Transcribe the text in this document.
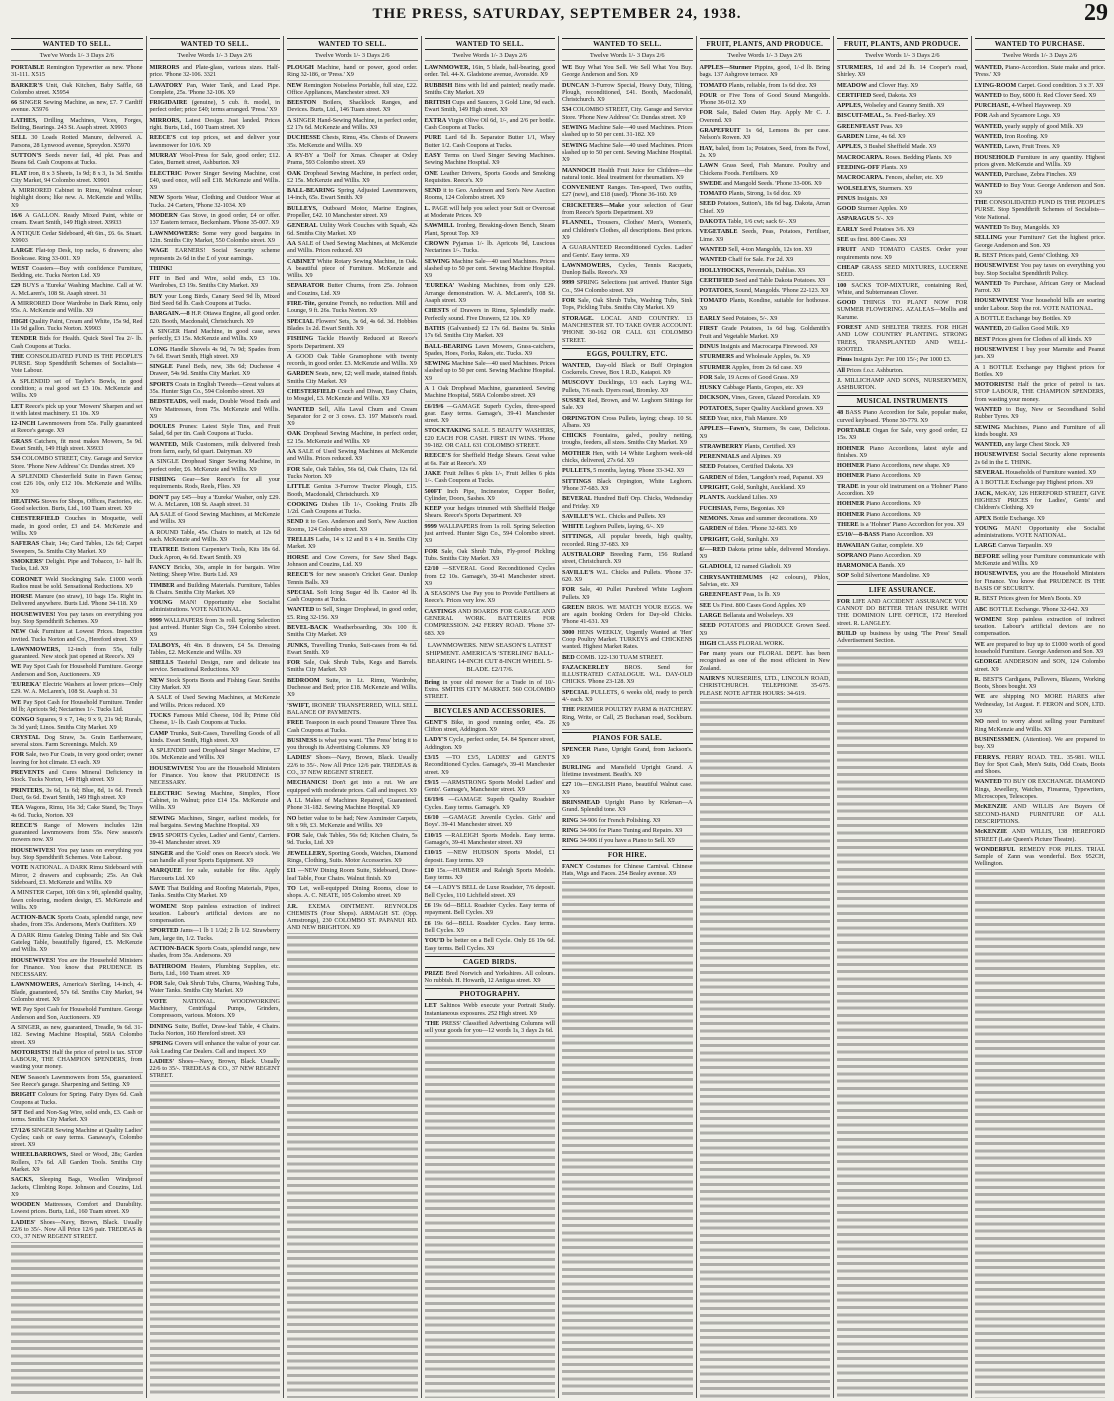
THE PRESS, SATURDAY, SEPTEMBER 24, 1938.	29
WANTED TO SELL.
Twe've Words 1/- 3 Days 2/6
PORTABLE Remington Typewriter as new. 'Phone 31-111. X515
BARKER'S Unit, Oak Kitchen, Baby Saffle, 68 Colombo street. X5954
66 SINGER Sewing Machine, as new, £7. 7 Cardiff avenue. X5976
LATHES, Drilling Machines, Vices, Forges, Belting, Bearings. 243 St. Asaph street. X9903
SELL 30 Loads Rotted Manure, delivered. A. Parsons, 28 Lynwood avenue, Spreydon. X5970
SUTTON'S Seeds never fail, 4d pkt. Peas and Beans 6d. Cash Coupons at Tucks.
FLAT iron, 8 x 3 Sheets, 1s 9d; 8 x 3, 1s 3d. Smiths City Market, 94 Colombo street. X9901
A MIRRORED Cabinet in Rimu, Walnut colour; highlight doors; like new. A. McKenzie and Willis. X9
16/6 A GALLON. Ready Mixed Paint, white or cream. Ewart Smith, 149 High street. X9933
A NTIQUE Cedar Sideboard, 4ft 6in., £6. 6s. Stuart. X9903
LARGE Flat-top Desk, top racks, 6 drawers; also Bookcase. Ring 33-001. X9
WEST Coasters—Buy with confidence Furniture, Bedding, etc. Tucks Norton Ltd. X9
£29 BUYS a 'Eureka' Washing Machine. Call at W. A. McLaren's, 108 St. Asaph street. 31
A MIRRORED Door Wardrobe in Dark Rimu, only 95s. A. McKenzie and Willis. X9
HIGH Quality Paint, Cream and White, 15s 9d, Red 11s 9d gallon. Tucks Norton. X9903
TENDER Bids for Health. Quick Steel Tea 2/- lb. Cash Coupons at Tucks.
THE CONSOLIDATED FUND IS THE PEOPLE'S PURSE. Stop Spendthrift Schemes of Socialists—Vote Labour.
A SPLENDID set of Taylor's Bowls, in good condition; a real good set £3 10s. McKenzie and Willis. X9
LET Reece's pick up your 'Mowers' Sharpen and set it with latest machinery. £1 10s. X9
12-INCH Lawnmowers from 55s. Fully guaranteed at Reece's garage. X9
GRASS Catchers, fit most makes Mowers, 5s 9d. Ewart Smith, 149 High street. X9933
534 COLOMBO STREET, City. Garage and Service Store. 'Phone New Address' Cr. Dundas street. X9
A SPLENDID Chesterfield Suite in Fawn Genoa; cost £26 10s, only £12 10s. McKenzie and Willis. X9
HEATING Stoves for Shops, Offices, Factories, etc. Good selection. Burts, Ltd., 160 Tuam street. X9
CHESTERFIELD Couches in Moquette, well made, in good order, £3 and £4. McKenzie and Willis. X9
SAFERAS Chair, 14s; Card Tables, 12s 6d; Carpet Sweepers, 5s. Smiths City Market. X9
SMOKERS' Delight. Pipe and Tobacco, 1/- half lb. Tucks, Ltd. X9
CORONET Weld Stockinging Sale. £1000 worth Radios must be sold. Sensational Reductions. X9
HORSE Manure (no straw), 10 bags 15s. Right in. Delivered anywhere. Burts Ltd. 'Phone 34-118. X9
HOUSEWIVES! You pay taxes on everything you buy. Stop Spendthrift Schemes. X9
NEW Oak Furniture at Lowest Prices. Inspection invited. Tucks Norton and Co., Hereford street. X9
LAWNMOWERS, 12-inch from 55s, fully guaranteed. New stock just opened at Reece's. X9
WE Pay Spot Cash for Household Furniture. George Anderson and Son, Auctioneers. X9
'EUREKA' Electric Washers at lower prices—Only £29. W. A. McLaren's, 108 St. Asaph st. 31
WE Pay Spot Cash for Household Furniture. Tender 8d lb; Apricots 9d; Nectarines 1/-. Tucks Ltd.
CONGO Squares, 9 x 7, 14s; 9 x 9, 21s 9d; Rurals, 3s 3d yard; Linos. Smiths City Market. X9
CRYSTAL Dog Straw, 3s. Grain Earthenware, several sizes. Farm Screenings. Mulch. X9
FOR Sale, two Fur Coats, in very good order; owner leaving for hot climate. £3 each. X9
PREVENTS and Cures Mineral Deficiency in Stock. Tucks Norton, 149 High street. X9
PRINTERS, 3s 6d, 1s 6d; Blue, 8d, 1s 6d. French Duct, 6s 6d. Ewart Smith, 149 High street. X9
TEA Wagons, Rimu, 16s 3d; Cake Stand, 9s; Trays 4s 6d. Tucks, Norton. X9
REECE'S Range of Mowers includes 12in guaranteed lawnmowers from 55s. New season's mowers now. X9
HOUSEWIVES! You pay taxes on everything you buy. Stop Spendthrift Schemes. Vote Labour.
VOTE NATIONAL. A DARK Rimu Sideboard with Mirror, 2 drawers and cupboards; 25s. An Oak Sideboard, £3. McKenzie and Willis. X9
A MINSTER Carpet, 10ft 6in x 9ft, splendid quality, fawn colouring, modern design, £5. McKenzie and Willis. X9
ACTION-BACK Sports Coats, splendid range, new shades, from 35s. Andersons, Men's Outfitters. X9
A DARK Rimu Gateleg Dining Table and Six Oak Gateleg Table, beautifully figured, £5. McKenzie and Willis. X9
HOUSEWIVES! You are the Household Ministers for Finance. You know that PRUDENCE IS NECESSARY.
LAWNMOWERS, America's Sterling, 14-inch, 4-Blade, guaranteed, 57s 6d. Smiths City Market, 94 Colombo street. X9
WE Pay Spot Cash for Household Furniture. George Anderson and Son, Auctioneers. X9
A SINGER, as new, guaranteed, Treadle, 9s 6d. 31-182. Sewing Machine Hospital, 568A Colombo street. X9
MOTORISTS! Half the price of petrol is tax. STOP LABOUR, THE CHAMPION SPENDERS, from wasting your money.
NEW Season's Lawnmowers from 55s, guaranteed. See Reece's garage. Sharpening and Setting. X9
BRIGHT Colours for Spring. Fairy Dyes 6d. Cash Coupons at Tucks.
5FT Bed and Non-Sag Wire, solid ends, £3. Cash or terms. Smiths City Market. X9
£7/12/6 SINGER Sewing Machine at Quality Ladies' Cycles; cash or easy terms. Ganaway's, Colombo street. X9
WHEELBARROWS, Steel or Wood, 28s; Garden Rollers, 17s 6d. All Garden Tools. Smiths City Market. X9
SACKS, Sleeping Bags, Woollen Windproof Jackets, Climbing Rope. Johnson and Couzins, Ltd. X9
WOODEN Mattresses, Comfort and Durability. Lowest prices. Burts, Ltd., 160 Tuam street. X9
LADIES' Shoes—Navy, Brown, Black. Usually 22/6 to 35/-. Now All Price 12/6 pair. TREDEAS & CO., 37 NEW REGENT STREET.
WANTED TO SELL.
Twelve Words 1/- 3 Days 2/6
MIRRORS and Plate-glass, various sizes. Half-price. 'Phone 32-106. 3321
LAVATORY Pan, Water Tank, and Lead Pipe. Complete, 25s. 'Phone 32-106. X9
FRIGIDAIRE (genuine), 5 cub. ft. model, in perfect order; price £40; terms arranged. 'Press.' X9
MIRRORS, Latest Design. Just landed. Prices right. Burts, Ltd., 160 Tuam street. X9
REECE'S cut top prices, set and deliver your lawnmower for 10/6. X9
MURRAY Wool-Press for Sale, good order; £12. Cates, Burnett street, Ashburton. X9
ELECTRIC Power Singer Sewing Machine, cost £40, used once, will sell £18. McKenzie and Willis. X9
NEW Sports Wear, Clothing and Outdoor Wear at Tucks. 24 Carters, 'Phone 32-1034. X9
MODERN Gas Stove, in good order, £4 or offer. 137 Eastern terrace, Beckenham. 'Phone 35-007. X9
LAWNMOWERS: Some very good bargains in 12in. Smiths City Market, 550 Colombo street. X9
WAGE EARNERS! Social Security scheme represents 2s 6d in the £ of your earnings.
THINK!
FIT in Bed and Wire, solid ends, £3 10s. Wardrobes, £3 19s. Smiths City Market. X9
BUY your Long Birds, Canary Seed 9d lb, Mixed Bird Seed 6d lb. Cash Coupons at Tucks.
BARGAIN.—8 H.P. Ottawa Engine, all good order. £20. Booth, Macdonald, Christchurch. X9
A SINGER Hand Machine, in good case, sews perfectly, £3 15s. McKenzie and Willis. X9
LONG Handle Shovels 4s 9d, 7s 9d; Spades from 7s 6d. Ewart Smith, High street. X9
SINGLE Panel Beds, new, 38s 6d; Duchesse 4 Drawer, 54s 9d. Smiths City Market. X9
SPORTS Coats in English Tweeds—Great values at 35s. Hunter Sign Co., 594 Colombo street. X9
BEDSTEADS, well made, Double Wood Ends and Wire Mattresses, from 75s. McKenzie and Willis. X9
DOULES Prunes: Latest Style Tins, and Fruit Salad, 6d per tin. Cash Coupons at Tucks.
WANTED, Milk Customers, milk delivered fresh from farm, early, 6d quart. Dairyman. X9
A SINGLE Drophead Singer Sewing Machine, in perfect order, £6. McKenzie and Willis. X9
FISHING Gear—See Reece's for all your requirements. Rods, Reels, Flies. X9
DON'T pay £45—buy a 'Eureka' Washer, only £29. W. A. McLaren, 108 St. Asaph street. 31
AA SALE of Good Sewing Machines, at McKenzie and Willis. X9
A ROUND Table, 45s. Chairs to match, at 12s 6d each. McKenzie and Willis. X9
TEATREE Bottom Carpenter's Tools, Kits 18s 6d. Duck Apron, 4s 6d. Ewart Smith. X9
FANCY Bricks, 30s, ample in for bargain. Wire Netting; Sheep Wire. Burts Ltd. X9
TIMBER and Building Materials. Furniture, Tables & Chairs. Smiths City Market. X9
YOUNG MAN! Opportunity else Socialist administrations. VOTE NATIONAL.
9999 WALLPAPERS from 3s roll. Spring Selection just arrived. Hunter Sign Co., 594 Colombo street. X9
TALBOYS, 4ft 4in. 8 drawers, £4 5s. Dressing Tables, £2. McKenzie and Willis. X9
SHELLS Tasteful Design, rare and delicate tea service. Sensational Reductions. X9
NEW Stock Sports Boots and Fishing Gear. Smiths City Market. X9
A SALE of Used Sewing Machines, at McKenzie and Willis. Prices reduced. X9
TUCKS Famous Mild Cheese, 10d lb; Prime Old Cheese, 1/- lb. Cash Coupons at Tucks.
CAMP Trunks, Suit-Cases, Travelling Goods of all kinds. Ewart Smith, High street. X9
A SPLENDID used Drophead Singer Machine, £7 10s. McKenzie and Willis. X9
HOUSEWIVES! You are the Household Ministers for Finance. You know that PRUDENCE IS NECESSARY.
ELECTRIC Sewing Machine, Simplex, Floor Cabinet, in Walnut; price £14 15s. McKenzie and Willis. X9
SEWING Machines, Singer, earliest models, for real bargains. Sewing Machine Hospital. X9
£9/15 SPORTS Cycles, Ladies' and Gents', Carriers. 39-41 Manchester street. X9
SINGER and the 'Gold' ones on Reece's stock. We can handle all your Sports Equipment. X9
MARQUEE for sale, suitable for fête. Apply Harcourts Ltd. X9
SAVE That Building and Roofing Materials, Pipes, Tanks. Smiths City Market. X9
WOMEN! Stop painless extraction of indirect taxation. Labour's artificial devices are no compensation.
SPORTED Jams—1 lb 1 1/2d; 2 lb 1/2. Strawberry Jam, large tin, 1/2. Tucks.
ACTION-BACK Sports Coats, splendid range, new shades, from 35s. Andersons. X9
BATHROOM Heaters, Plumbing Supplies, etc. Burts, Ltd., 160 Tuam street. X9
FOR Sale, Oak Shrub Tubs, Churns, Washing Tubs, Water Tanks. Smiths City Market. X9
VOTE NATIONAL. WOODWORKING Machinery, Centrifugal Pumps, Grinders, Compressors, various. Motors. X9
DINING Suite, Buffet, Draw-leaf Table, 4 Chairs. Tucks Norton, 160 Hereford street. X9
SPRING Covers will enhance the value of your car. Ask Leading Car Dealers. Call and inspect. X9
LADIES' Shoes—Navy, Brown, Black. Usually 22/6 to 35/-. TREDEAS & CO., 37 NEW REGENT STREET.
WANTED TO SELL.
Twelve Words 1/- 3 Days 2/6
PLOUGH Machine, hand or power, good order. Ring 32-186, or 'Press.' X9
NEW Remington Noiseless Portable, full size, £22. Office Appliances, Manchester street. X9
BEESTON Boilers, Shacklock Ranges, and Devices. Burts, Ltd., 146 Tuam street. X9
A SINGER Hand-Sewing Machine, in perfect order, £2 17s 6d. McKenzie and Willis. X9
DUCHESSE Chests, Rimu, 45s. Chests of Drawers 35s. McKenzie and Willis. X9
A RY-BY a 'Doll' for Xmas. Cheaper at Oxley Prams, 593 Colombo street. X9
OAK Drophead Sewing Machine, in perfect order, £2 15s. McKenzie and Willis. X9
BALL-BEARING Spring Adjusted Lawnmowers, 14-inch, 65s. Ewart Smith. X9
BULLEYS, Outboard Motor, Marine Engines, Propeller, £42. 10 Manchester street. X9
GENERAL Utility Work Couches with Squab, 42s 6d. Smiths City Market. X9
AA SALE of Used Sewing Machines, at McKenzie and Willis. Prices reduced. X9
CABINET White Rotary Sewing Machine, in Oak. A beautiful piece of Furniture. McKenzie and Willis. X9
SEPARATOR Butter Churns, from 25s. Johnson and Couzins, Ltd. X9
FIRE-Tite, genuine French, no reduction. Mill and Lounge, 9 ft. 26s. Tucks Norton. X9
SPECIAL Flowers' Sets, 3s 6d, 4s 6d. 3d. Hobbies Blades 1s 2d. Ewart Smith. X9
FISHING Tackle Heavily Reduced at Reece's Sports Department. X9
A GOOD Oak Table Gramophone with twenty records, in good order. £3. McKenzie and Willis. X9
GARDEN Seats, new, £2; well made, stained finish. Smiths City Market. X9
CHESTERFIELD Couch and Divan, Easy Chairs, to Mosgiel, £3. McKenzie and Willis. X9
WANTED Sell, Alfa Laval Churn and Cream Separator for 2 or 3 cows. £3. 197 Matson's road. X9
OAK Drophead Sewing Machine, in perfect order, £2 15s. McKenzie and Willis. X9
AA SALE of Used Sewing Machines at McKenzie and Willis. Prices reduced. X9
FOR Sale, Oak Tables, 56s 6d, Oak Chairs, 12s 6d. Tucks Norton. X9
LITTLE Genius 3-Furrow Tractor Plough, £15. Booth, Macdonald, Christchurch. X9
COOKING Dishes 1lb 1/-, Cooking Fruits 2lb 1/2d. Cash Coupons at Tucks.
SEND it to Geo. Anderson and Son's, New Auction Rooms, 124 Colombo street. X9
TRELLIS Laths, 14 x 12 and 8 x 4 in. Smiths City Market. X9
HORSE and Cow Covers, for Saw Shed Bags. Johnson and Couzins, Ltd. X9
REECE'S for new season's Cricket Gear. Dunlop Tennis Balls. X9
SPECIAL Soft Icing Sugar 4d lb. Castor 4d lb. Cash Coupons at Tucks.
WANTED to Sell, Singer Drophead, in good order, £5. Ring 32-156. X9
BEVEL-BACK Weatherboarding, 30s 100 ft. Smiths City Market. X9
JUNKS, Travelling Trunks, Suit-cases from 4s 6d. Ewart Smith. X9
FOR Sale, Oak Shrub Tubs, Kegs and Barrels. Smiths City Market. X9
BEDROOM Suite, in Lt. Rimu, Wardrobe, Duchesse and Bed; price £18. McKenzie and Willis. X9
'SWIFT, IRONER' TRANSFERRED, WILL SELL BALANCE OF PAYMENTS.
FREE Teaspoon in each pound Treasure Three Tea. Cash Coupons at Tucks.
BUSINESS is what you want. 'The Press' bring it to you through its Advertising Columns. X9
LADIES' Shoes—Navy, Brown, Black. Usually 22/6 to 35/-. Now All Price 12/6 pair. TREDEAS & CO., 37 NEW REGENT STREET.
MECHANICS! Don't get into a rut. We are equipped with moderate prices. Call and inspect. X9
A LL Makes of Machines Repaired, Guaranteed. Phone 31-182. Sewing Machine Hospital. X9
NO better value to be had; New Axminster Carpets, 9ft x 9ft, £3. McKenzie and Willis. X9
FOR Sale, Oak Tables, 56s 6d; Kitchen Chairs, 5s 9d. Tucks, Ltd. X9
JEWELLERY, Sporting Goods, Watches, Diamond Rings, Clothing, Suits. Motor Accessories. X9
£11 —NEW Dining Room Suite, Sideboard, Draw-leaf Table, Four Chairs. Walnut finish. X9
TO Let, well-equipped Dining Rooms, close to shops. A. C. NEATE, 105 Colombo street. X9
J.R. EXEMA OINTMENT. REYNOLDS CHEMISTS (Four Shops). ARMAGH ST. (Opp. Armstrongs), 230 COLOMBO ST. PAPANUI RD. AND NEW BRIGHTON. X9
WANTED TO SELL.
Twelve Words 1/- 3 Days 2/6
LAWNMOWER, 16in, 5 blade, ball-bearing, good order. Tel. 44-X. Gladstone avenue, Avonside. X9
RUBBISH Bins with lid and painted; neatly made. Smiths City Market. X9
BRITISH Cups and Saucers, 3 Gold Line, 9d each. Ewart Smith, 149 High street. X9
EXTRA Virgin Olive Oil 6d, 1/-, and 2/6 per bottle. Cash Coupons at Tucks.
PURE Lard 6d lb. Separator Butter 1/1, Whey Butter 1/2. Cash Coupons at Tucks.
EASY Terms on Used Singer Sewing Machines. Sewing Machine Hospital. X9
ONE Leather Drivers, Sports Goods and Smoking Requisites. Reece's. X9
SEND it to Geo. Anderson and Son's New Auction Rooms, 124 Colombo street. X9
L. PAGE will help you select your Suit or Overcoat at Moderate Prices. X9
SAWMILL Ironbrg, Breaking-down Bench, Steam Plant, Sprout Top. X9
CROWN Pyjamas 1/- lb. Apricots 9d, Luscious Nectarines 1/-. Tucks.
SEWING Machine Sale—40 used Machines. Prices slashed up to 50 per cent. Sewing Machine Hospital. X9
'EUREKA' Washing Machines, from only £29. Arrange demonstration. W. A. McLaren's, 108 St. Asaph street. X9
CHESTS of Drawers in Rimu, Splendidly made. Perfectly sound. Five Drawers, £2 10s. X9
BATHS (Galvanised) £2 17s 6d. Basins 9s. Sinks 17s 6d. Smiths City Market. X9
BALL-BEARING Lawn Mowers, Grass-catchers, Spades, Hoes, Forks, Rakes, etc. Tucks. X9
SEWING Machine Sale—40 used Machines. Prices slashed up to 50 per cent. Sewing Machine Hospital. X9
A 1 Oak Drophead Machine, guaranteed. Sewing Machine Hospital, 568A Colombo street. X9
£6/19/6 —GAMAGE Superb Cycles, three-speed gear. Easy terms. Gamage's, 39-41 Manchester street. X9
STOCKTAKING SALE. 5 BEAUTY WASHERS, £20 EACH FOR CASH. FIRST IN WINS. 'Phone 39-182. OR CALL 631 COLOMBO STREET.
REECE'S for Sheffield Hedge Shears. Great value at 6s. Fair at Reece's. X9
JAKE Fruit Jellies 6 pkts 1/-, Fruit Jellies 6 pkts 1/-. Cash Coupons at Tucks.
500FT Inch Pipe, Incinerator, Copper Boiler, Cylinder, Doors, Sashes. X9
KEEP your hedges trimmed with Sheffield Hedge Shears. Reece's Sports Department. X9
9999 WALLPAPERS from 1s roll. Spring Selection just arrived. Hunter Sign Co., 594 Colombo street. X9
FOR Sale, Oak Shrub Tubs, Fly-proof Pickling Tubs. Smiths City Market. X9
£2/10 —SEVERAL Good Reconditioned Cycles from £2 10s. Gamage's, 39-41 Manchester street. X9
A SEASON'S Use Pay you to Provide Fertilisers at Reece's. Prices very low. X9
CASTINGS AND BOARDS FOR GARAGE AND GENERAL WORK. BATTERIES FOR COMPRESSION. 242 FERRY ROAD. 'Phone 37-683. X9
LAWNMOWERS. NEW SEASON'S LATEST SHIPMENT. AMERICA'S 'STERLING' BALL-BEARING 14-INCH CUT 8-INCH WHEEL 5-BLADE. £2/17/6.
Bring in your old mower for a Trade in of 10/- Extra. SMITHS CITY MARKET. 560 COLOMBO STREET.
BICYCLES AND ACCESSORIES.
GENT'S Bike, in good running order, 45s. 26 Clifton street, Addington. X9
LADY'S Cycle, perfect order, £4. 84 Spencer street, Addington. X9
£3/15 —TO £3/5, LADIES' and GENT'S Reconditioned Cycles. Gamage's, 39-41 Manchester street. X9
£9/15 —ARMSTRONG Sports Model Ladies' and Gents'. Gamage's, Manchester street. X9
£6/19/6 —GAMAGE Superb Quality Roadster Cycles. Easy terms. Gamage's. X9
£6/10 —GAMAGE Juvenile Cycles. Girls' and Boys'. 39-41 Manchester street. X9
£10/15 —RALEIGH Sports Models. Easy terms. Gamage's, 39-41 Manchester street. X9
£10/15 —NEW HUDSON Sports Model, £1 deposit. Easy terms. X9
£10 15s.—HUMBER and Raleigh Sports Models. Easy terms. X9
£4 —LADY'S BELL de Luxe Roadster, 7/6 deposit. Bell Cycles, 110 Lichfield street. X9
£6 19s 6d—BELL Roadster Cycles. Easy terms of repayment. Bell Cycles. X9
£6 19s 6d—BELL Roadster Cycles. Easy terms. Bell Cycles. X9
YOU'D be better on a Bell Cycle. Only £6 19s 6d. Easy terms. Bell Cycles. X9
CAGED BIRDS.
PRIZE Bred Norwich and Yorkshires. All colours. No rubbish. H. Howarth, 12 Antigua street. X9
PHOTOGRAPHY.
LET Saltinos Webb execute your Portrait Study. Instantaneous exposures. 252 High street. X9
'THE PRESS' Classified Advertising Columns will sell your goods for you—12 words 1s, 3 days 2s 6d.
WANTED TO SELL.
Twelve Words 1/- 3 Days 2/6
WE Buy What You Sell. We Sell What You Buy. George Anderson and Son. X9
DUNCAN 3-Furrow Special, Heavy Duty, Tilting, Plough, reconditioned, £41. Booth, Macdonald, Christchurch. X9
534 COLOMBO STREET, City. Garage and Service Store. 'Phone New Address' Cr. Dundas street. X9
SEWING Machine Sale—40 used Machines. Prices slashed up to 50 per cent. 31-182. X9
SEWING Machine Sale—40 used Machines. Prices slashed up to 50 per cent. Sewing Machine Hospital. X9
MANNOCH Health Fruit Juice for Children—the natural tonic. Ideal treatment for rheumatism. X9
CONVENIENT Ranges. Ten-speed, Two outfits, £27 (new), and £18 (used). 'Phone 36-160. X9
CRICKETERS—Make your selection of Gear from Reece's Sports Department. X9
FLANNEL, Trousers, Clothes' Men's, Women's, and Children's Clothes, all descriptions. Best prices. X9
A GUARANTEED Reconditioned Cycles. Ladies' and Gents'. Easy terms. X9
LAWNMOWERS, Cycles, Tennis Racquets, Dunlop Balls. Reece's. X9
9999 SPRING Selections just arrived. Hunter Sign Co., 594 Colombo street. X9
FOR Sale, Oak Shrub Tubs, Washing Tubs, Sink Tops, Pickling Tubs. Smiths City Market. X9
STORAGE. LOCAL AND COUNTRY. 13 MANCHESTER ST. TO TAKE OVER ACCOUNT. 'PHONE 30-162 OR CALL 631 COLOMBO STREET.
EGGS, POULTRY, ETC.
WANTED, Day-old Black or Buff Orpington Cockerels. Crewe, Box 1 R.D., Kaiapoi. X9
MUSCOVY Ducklings, 1/3 each. Laying W.L. Pullets, 7/6 each. Dyers road, Bromley. X9
SUSSEX Red, Brown, and W. Leghorn Sittings for Sale. X9
ORPINGTON Cross Pullets, laying; cheap. 10 St. Albans. X9
CHICKS Fountains, galvd., poultry netting, troughs, feeders, all sizes. Smiths City Market. X9
MOTHER Hen, with 14 White Leghorn week-old chicks, delivered, 27s 6d. X9
PULLETS, 5 months, laying. 'Phone 33-342. X9
SITTINGS Black Orpington, White Leghorn. 'Phone 37-683. X9
BEVERAL Hundred Buff Orp. Chicks, Wednesday and Friday. X9
SAVILLE'S W.L. Chicks and Pullets. X9
WHITE Leghorn Pullets, laying, 6/-. X9
SITTINGS, All popular breeds, high quality, recorded. Ring 37-683. X9
AUSTRALORP Breeding Farm, 156 Rutland street, Christchurch. X9
SAVILLE'S W.L. Chicks and Pullets. 'Phone 37-620. X9
FOR Sale, 40 Pullet Purebred White Leghorn Pullets. X9
GREEN BROS. WE MATCH YOUR EGGS. We are again booking Orders for Day-old Chicks. 'Phone 41-631. X9
3000 HENS WEEKLY, Urgently Wanted at 'Hen' Coop Poultry Market. TURKEYS and CHICKENS wanted. Highest Market Rates.
BED COMB. 122-130 TUAM STREET.
FAZACKERLEY BROS. Send for ILLUSTRATED CATALOGUE. W.L. DAY-OLD CHICKS. 'Phone 23-128. X9
SPECIAL PULLETS, 6 weeks old, ready to perch 4/- each. X9
THE PREMIER POULTRY FARM & HATCHERY. Ring, Write, or Call, 25 Buchanan road, Sockburn. X9
PIANOS FOR SALE.
SPENCER Piano, Upright Grand, from Jackson's. X9
BURLING and Mansfield Upright Grand. A lifetime investment. Beath's. X9
£27 10s—ENGLISH Piano, beautiful Walnut case. X9
BRINSMEAD Upright Piano by Kirkman—A Grand. Splendid tone. X9
RING 34-906 for French Polishing. X9
RING 34-906 for Piano Tuning and Repairs. X9
RING 34-906 if you have a Piano to Sell. X9
FOR HIRE.
FANCY Costumes for Chinese Carnival. Chinese Hats, Wigs and Faces. 254 Bealey avenue. X9
FRUIT, PLANTS, AND PRODUCE.
Twelve Words 1/- 3 Days 2/6
APPLES—Sturmer Pippins, good, 1/-d lb. Bring bags. 137 Ashgrove terrace. X9
TOMATO Plants, reliable, from 1s 6d doz. X9
FOUR or Five Tons of Good Sound Mangolds. 'Phone 36-012. X9
FOR Sale, Baled Oaten Hay. Apply Mr C. J. Overend. X9
GRAPEFRUIT 1s 6d, Lemons 8s per case. Nelson's Rowen. X9
HAY, baled, from 1s; Potatoes, Seed, from 8s Fowl, 2s. X9
LAWN Grass Seed, Fish Manure. Poultry and Chickens Foods. Fertilisers. X9
SWEDE and Mangold Seeds. 'Phone 33-006. X9
TOMATO Plants, Strong, 1s 6d doz. X9
SEED Potatoes, Sutton's, 18s 6d bag. Dakota, Arran Chief. X9
DAKOTA Table, 1/6 cwt; sack 6/-. X9
VEGETABLE Seeds, Peas, Potatoes, Fertiliser, Lime. X9
WANTED Sell, 4-ton Mangolds, 12s ton. X9
WANTED Chaff for Sale. For 2d. X9
HOLLYHOCKS, Perennials, Dahlias. X9
CERTIFIED Seed and Table Dakota Potatoes. X9
POTATOES, Sound, Mangolds. 'Phone 22-123. X9
TOMATO Plants, Kondine, suitable for hothouse. X9
EARLY Seed Potatoes, 5/-. X9
FIRST Grade Potatoes, 1s 6d bag. Goldsmith's Fruit and Vegetable Market. X9
DINUS Insignis and Macrocarpa Firewood. X9
STURMERS and Wholesale Apples, 9s. X9
STURMER Apples, from 2s 6d case. X9
FOR Sale, 19 Acres of Good Grass. X9
HUSKY Cabbage Plants, Gropes, etc. X9
DICKSON, Vines, Green, Glazed Porcelain. X9
POTATOES, Super Quality Auckland grown. X9
SEED Year, nice, Fish Manure. X9
APPLES—Fawn's, Sturmers, 9s case, Delicious. X9
STRAWBERRY Plants, Certified. X9
PERENNIALS and Alpines. X9
SEED Potatoes, Certified Dakota. X9
GARDEN of Eden, 'Langdon's road, Papanui. X9
UPRIGHT, Gold, Sunlight, Auckland. X9
PLANTS. Auckland Lilies. X9
FUCHSIAS, Ferns, Begonias. X9
NEMONS. Xmas and summer decorations. X9
GARDEN of Eden. 'Phone 32-683. X9
UPRIGHT, Gold, Sunlight. X9
6/-—RED Dakota prime table, delivered Mondays. X9
GLADIOLI, 12 named Gladioli. X9
CHRYSANTHEMUMS (42 colours), Phlox, Salvias, etc. X9
GREENFEAST Peas, 1s lb. X9
SEE Us First. 800 Cases Good Apples. X9
LARGE Bellarata and Wolseleys. X9
SEED POTATOES and PRODUCE Grown Seed. X9
HIGH CLASS FLORAL WORK.
For many years our FLORAL DEPT. has been recognised as one of the most efficient in New Zealand.
NAIRN'S NURSERIES, LTD., LINCOLN ROAD, CHRISTCHURCH. TELEPHONE 35-675. PLEASE NOTE AFTER HOURS: 34-619.
FRUIT, PLANTS, AND PRODUCE.
Twelve Words 1/- 3 Days 2/6
STURMERS, 1d and 2d lb. 14 Cooper's road, Shirley. X9
MEADOW and Clover Hay. X9
CERTIFIED Seed, Dakota. X9
APPLES, Wolseley and Granny Smith. X9
BISCUIT-MEAL, 5s. Feed-Barley. X9
GREENFEAST Peas. X9
GARDEN Lime, 4s 6d. X9
APPLES, 3 Bushel Sheffield Made. X9
MACROCARPA. Roses. Bedding Plants. X9
FEEDING-OFF Plants. X9
MACROCARPA. Fences, shelter, etc. X9
WOLSELEYS, Sturmers. X9
PINUS Insignis. X9
GOOD Sturmer Apples. X9
ASPARAGUS 5/-. X9
EARLY Seed Potatoes 3/6. X9
SEE us first. 800 Cases. X9
FRUIT AND TOMATO CASES. Order your requirements now. X9
CHEAP GRASS SEED MIXTURES, LUCERNE SEED.
100 SACKS TOP-MIXTURE, containing Red, White, and Subterranean Clover.
GOOD THINGS TO PLANT NOW FOR SUMMER FLOWERING. AZALEAS—Mollis and Karume.
FOREST AND SHELTER TREES. FOR HIGH AND LOW COUNTRY PLANTING. STRONG TREES, TRANSPLANTED AND WELL-ROOTED.
Pinus Insignis 2yr: Per 100 15/-; Per 1000 £3.
All Prices f.o.r. Ashburton.
J. MILLICHAMP AND SONS, NURSERYMEN, ASHBURTON.
MUSICAL INSTRUMENTS
48 BASS Piano Accordion for Sale, popular make, curved keyboard. 'Phone 30-779. X9
PORTABLE Organ for Sale, very good order, £2 15s. X9
HOHNER Piano Accordions, latest style and finishes. X9
HOHNER Piano Accordions, new shape. X9
HOHNER Piano Accordions. X9
TRADE in your old instrument on a 'Hohner' Piano Accordion. X9
HOHNER Piano Accordions. X9
HOHNER Piano Accordions. X9
THERE is a 'Hohner' Piano Accordion for you. X9
£5/10/—8-BASS Piano Accordion. X9
HAWAIIAN Guitar, complete. X9
SOPRANO Piano Accordion. X9
HARMONICA Bands. X9
SOP Solid Silvertone Mandoline. X9
LIFE ASSURANCE.
FOR LIFE AND ACCIDENT ASSURANCE YOU CANNOT DO BETTER THAN INSURE WITH THE DOMINION LIFE OFFICE, 172 Hereford street. R. LANGLEY.
BUILD up business by using 'The Press' Small Advertisement Section.
WANTED TO PURCHASE.
Twelve Words 1/- 3 Days 2/6
WANTED, Piano-Accordion. State make and price. 'Press.' X9
LYING-ROOM Carpet. Good condition. 3 x 3'. X9
WANTED to Buy, 6000 ft. Red Clover Seed. X9
PURCHASE, 4-Wheel Haysweep. X9
FOR Ash and Sycamore Logs. X9
WANTED, yearly supply of good Milk. X9
WANTED, Iron Roofing. X9
WANTED, Lawn, Fruit Trees. X9
HOUSEHOLD Furniture in any quantity. Highest prices given. McKenzie and Willis. X9
WANTED, Purchase, Zebra Finches. X9
WANTED to Buy Your. George Anderson and Son. X9
THE CONSOLIDATED FUND IS THE PEOPLE'S PURSE. Stop Spendthrift Schemes of Socialists—Vote National.
WANTED To Buy, Mangolds. X9
SELLING your Furniture? Get the highest price. George Anderson and Son. X9
R. BEST Prices paid, Gents' Clothing. X9
HOUSEWIVES! You pay taxes on everything you buy. Stop Socialist Spendthrift Policy.
WANTED To Purchase, African Grey or Maclead Parrot. X9
HOUSEWIVES! Your household bills are soaring under Labour. Stop the rot. VOTE NATIONAL.
A BOTTLE Exchange buy Bottles. X9
WANTED, 20 Gallon Good Milk. X9
BEST Prices given for Clothes of all kinds. X9
HOUSEWIVES! I buy your Marmite and Peanut jars. X9
A 1 BOTTLE Exchange pay Highest prices for Bottles. X9
MOTORISTS! Half the price of petrol is tax. STOP LABOUR, THE CHAMPION SPENDERS, from wasting your money.
WANTED to Buy, New or Secondhand Solid Rubber Tyres. X9
SEWING Machines, Piano and Furniture of all kinds bought. X9
WANTED, any large Chest Stock. X9
HOUSEWIVES! Social Security alone represents 2s 6d in the £. THINK.
SEVERAL Households of Furniture wanted. X9
A 1 BOTTLE Exchange pay Highest prices. X9
JACK, McKAY, 126 HEREFORD STREET, GIVE HIGHEST PRICES for Ladies', Gents' and Children's Clothing. X9
APEX Bottle Exchange. X9
YOUNG MAN! Opportunity else Socialist administrations. VOTE NATIONAL.
LARGE Canvas Tarpaulin. X9
BEFORE selling your Furniture communicate with McKenzie and Willis. X9
HOUSEWIVES, you are the Household Ministers for Finance. You know that PRUDENCE IS THE BASIS OF SECURITY.
R. BEST Prices given for Men's Boots. X9
ABC BOTTLE Exchange. 'Phone 32-642. X9
WOMEN! Stop painless extraction of indirect taxation. Labour's artificial devices are no compensation.
WE are prepared to buy up to £1000 worth of good household Furniture. George Anderson and Son. X9
GEORGE ANDERSON and SON, 124 Colombo street. X9
R. BEST'S Cardigans, Pullovers, Blazers, Working Boots, Shoes bought. X9
WE are shipping NO MORE HARES after Wednesday, 1st August. F. FERON and SON, LTD. X9
NO need to worry about selling your Furniture! Ring McKenzie and Willis. X9
BUSINESSMEN. (Attention). We are prepared to buy. X9
FERRYS. FERRY ROAD. TEL. 35-981. WILL Buy for Spot Cash, Men's Suits, Odd Coats, Boots and Shoes.
WANTED TO BUY OR EXCHANGE. DIAMOND Rings, Jewellery, Watches, Firearms, Typewriters, Microscopes, Telescopes.
McKENZIE AND WILLIS Are Buyers Of SECOND-HAND FURNITURE OF ALL DESCRIPTIONS.
McKENZIE AND WILLIS, 138 HEREFORD STREET (Late Queen's Picture Theatre).
WONDERFUL REMEDY FOR PILES. TRIAL Sample of Zann was wonderful. Box 952CH, Wellington.
